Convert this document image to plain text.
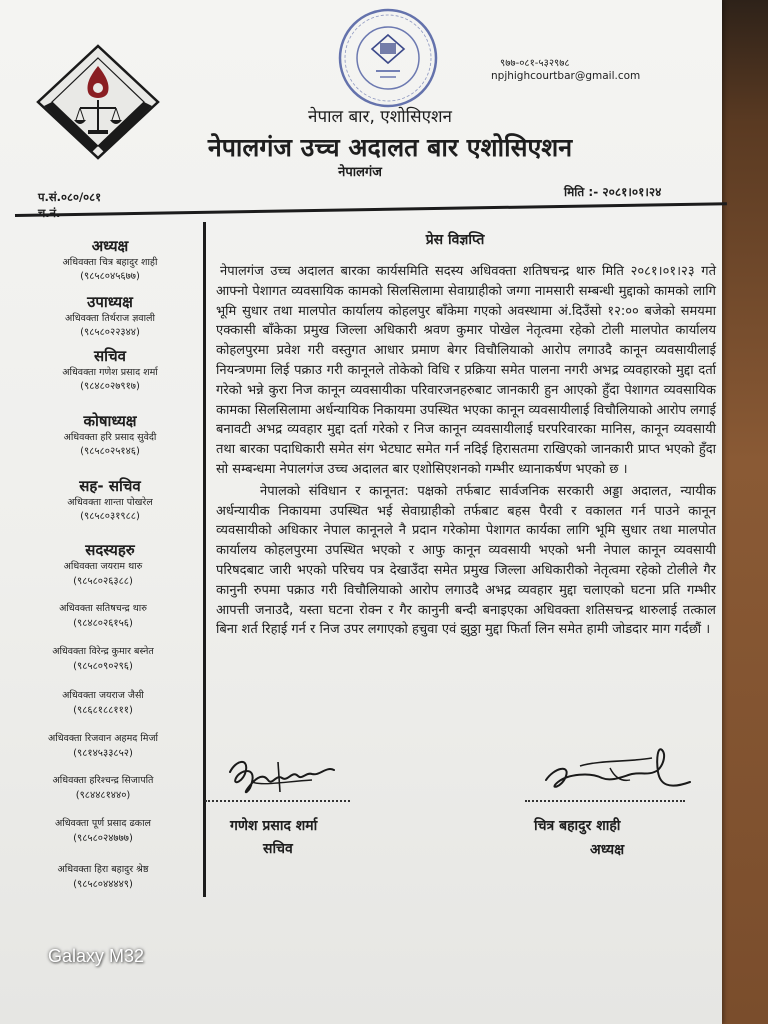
९७७-०८१-५३२९७८
npjhighcourtbar@gmail.com
नेपाल बार, एशोसिएशन
नेपालगंज उच्च अदालत बार एशोसिएशन
नेपालगंज
प.सं.०८०/०८१	मिति :- २०८१।०१।२४
अध्यक्ष
अधिवक्ता चित्र बहादुर शाही
(९८५८०४५६७७)
उपाध्यक्ष
अधिवक्ता तिर्थराज ज्ञवाली
(९८५८०२२३४४)
सचिव
अधिवक्ता गणेश प्रसाद शर्मा
(९८४८०२७९१७)
कोषाध्यक्ष
अधिवक्ता हरि प्रसाद सुवेदी
(९८५८०२५१४६)
सह- सचिव
अधिवक्ता शान्ता पोखरेल
(९८५८०३१९८८)
सदस्यहरु
अधिवक्ता जयराम थारु
(९८५८०२६३८८)
अधिवक्ता सतिषचन्द्र थारु
(९८४८०२६१५६)
अधिवक्ता विरेन्द्र कुमार बस्नेत
(९८५८०९०२९६)
अधिवक्ता जयराज जैसी
(९८६८१८८१११)
अधिवक्ता रिजवान अहमद मिर्जा
(९८१४५३३८५२)
अधिवक्ता हरिश्चन्द्र सिजापति
(९८४४८१४४०)
अधिवक्ता पूर्ण प्रसाद ढकाल
(९८५८०२४७७७)
अधिवक्ता हिरा बहादुर श्रेष्ठ
(९८५८०४४४४९)
प्रेस विज्ञप्ति

नेपालगंज उच्च अदालत बारका कार्यसमिति सदस्य अधिवक्ता शतिषचन्द्र थारु मिति २०८१।०१।२३ गते आफ्नो पेशागत व्यवसायिक कामको सिलसिलामा सेवाग्राहीको जग्गा नामसारी सम्बन्धी मुद्दाको कामको लागि भूमि सुधार तथा मालपोत कार्यालय कोहलपुर बाँकेमा गएको अवस्थामा अं.दिउँसो १२:०० बजेको समयमा एक्कासी बाँकेका प्रमुख जिल्ला अधिकारी श्रवण कुमार पोखेल नेतृत्वमा रहेको टोली मालपोत कार्यालय कोहलपुरमा प्रवेश गरी वस्तुगत आधार प्रमाण बेगर विचौलियाको आरोप लगाउदै कानून व्यवसायीलाई नियन्त्रणमा लिई पक्राउ गरी कानूनले तोकेको विधि र प्रक्रिया समेत पालना नगरी अभद्र व्यवहारको मुद्दा दर्ता गरेको भन्ने कुरा निज कानून व्यवसायीका परिवारजनहरुबाट जानकारी हुन आएको हुँदा पेशागत व्यवसायिक कामका सिलसिलामा अर्धन्यायिक निकायमा उपस्थित भएका कानून व्यवसायीलाई विचौलियाको आरोप लगाई बनावटी अभद्र व्यवहार मुद्दा दर्ता गरेको र निज कानून व्यवसायीलाई घरपरिवारका मानिस, कानून व्यवसायी तथा बारका पदाधिकारी समेत संग भेटघाट समेत गर्न नदिई हिरासतमा राखिएको जानकारी प्राप्त भएको हुँदा सो सम्बन्धमा नेपालगंज उच्च अदालत बार एशोसिएशनको गम्भीर ध्यानाकर्षण भएको छ ।

नेपालको संविधान र कानूनत: पक्षको तर्फबाट सार्वजनिक सरकारी अड्डा अदालत, न्यायीक अर्धन्यायीक निकायमा उपस्थित भई सेवाग्राहीको तर्फबाट बहस पैरवी र वकालत गर्न पाउने कानून व्यवसायीको अधिकार नेपाल कानूनले नै प्रदान गरेकोमा पेशागत कार्यका लागि भूमि सुधार तथा मालपोत कार्यालय कोहलपुरमा उपस्थित भएको र आफु कानून व्यवसायी भएको भनी नेपाल कानून व्यवसायी परिषदबाट जारी भएको परिचय पत्र देखाउँदा समेत प्रमुख जिल्ला अधिकारीको नेतृत्वमा रहेको टोलीले गैर कानुनी रुपमा पक्राउ गरी विचौलियाको आरोप लगाउदै अभद्र व्यवहार मुद्दा चलाएको घटना प्रति गम्भीर आपत्ती जनाउदै, यस्ता घटना रोक्न र गैर कानुनी बन्दी बनाइएका अधिवक्ता शतिसचन्द्र थारुलाई तत्काल बिना शर्त रिहाई गर्न र निज उपर लगाएको हचुवा एवं झुठ्ठा मुद्दा फिर्ता लिन समेत हामी जोडदार माग गर्दछौं ।

गणेश प्रसाद शर्मा
सचिव
चित्र बहादुर शाही
अध्यक्ष
Galaxy M32
